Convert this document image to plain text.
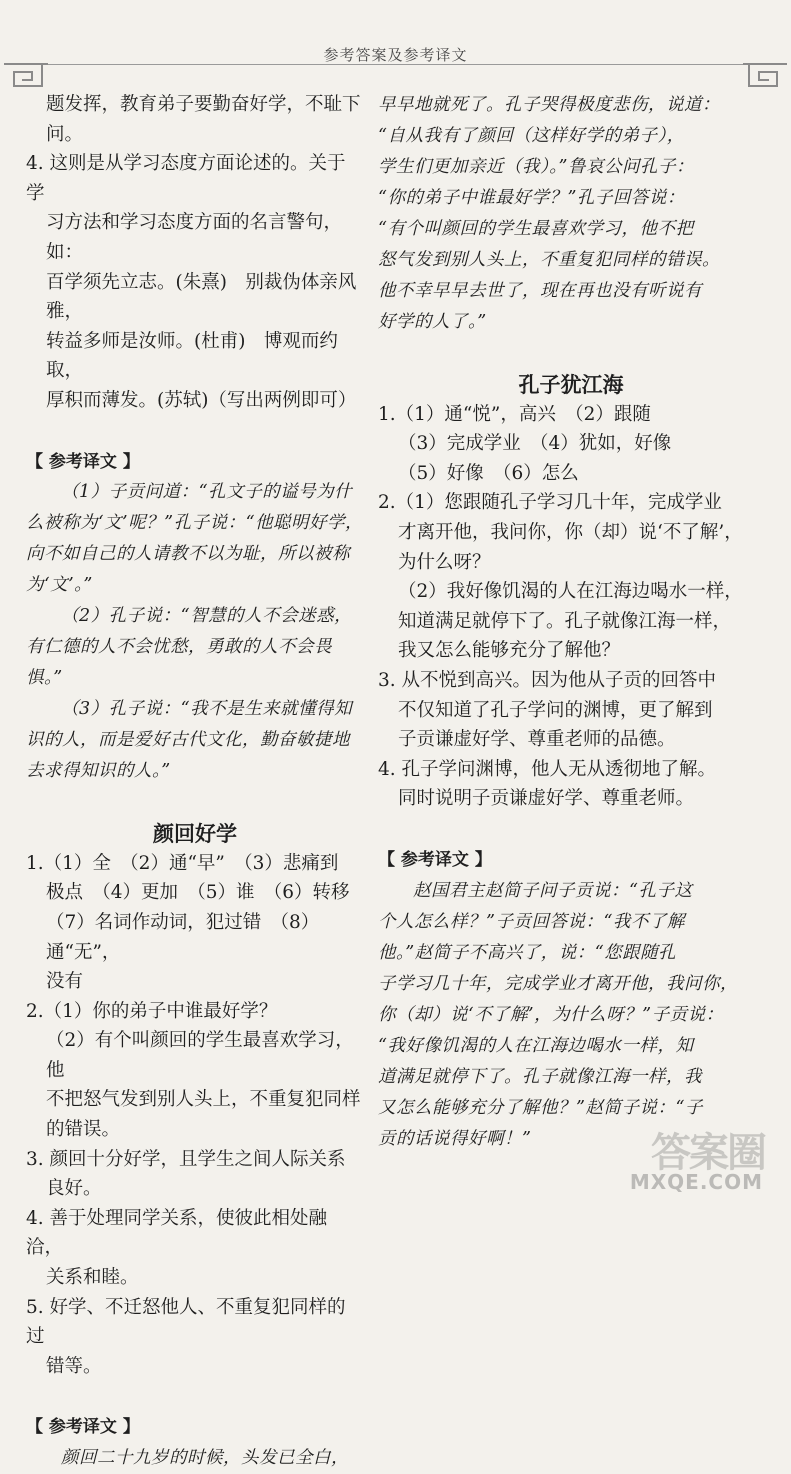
参考答案及参考译文

题发挥，教育弟子要勤奋好学，不耻下问。

4. 这则是从学习态度方面论述的。关于学

习方法和学习态度方面的名言警句，如：

百学须先立志。(朱熹)　别裁伪体亲风雅，

转益多师是汝师。(杜甫)　博观而约取，

厚积而薄发。(苏轼)（写出两例即可）

【 参考译文 】

（1）子贡问道：“孔文子的谥号为什

么被称为‘文’呢？”孔子说：“他聪明好学，

向不如自己的人请教不以为耻，所以被称

为‘文’。”

（2）孔子说：“智慧的人不会迷惑，

有仁德的人不会忧愁，勇敢的人不会畏惧。”

（3）孔子说：“我不是生来就懂得知

识的人，而是爱好古代文化，勤奋敏捷地

去求得知识的人。”

颜回好学

1.（1）全　（2）通“早”　（3）悲痛到

极点　（4）更加　（5）谁　（6）转移

（7）名词作动词，犯过错　（8）通“无”，

没有

2.（1）你的弟子中谁最好学？

（2）有个叫颜回的学生最喜欢学习，他

不把怒气发到别人头上，不重复犯同样

的错误。

3. 颜回十分好学，且学生之间人际关系

良好。

4. 善于处理同学关系，使彼此相处融洽，

关系和睦。

5. 好学、不迁怒他人、不重复犯同样的过

错等。

【 参考译文 】

颜回二十九岁的时候，头发已全白，

早早地就死了。孔子哭得极度悲伤，说道：

“自从我有了颜回（这样好学的弟子），

学生们更加亲近（我）。”鲁哀公问孔子：

“你的弟子中谁最好学？”孔子回答说：

“有个叫颜回的学生最喜欢学习，他不把

怒气发到别人头上，不重复犯同样的错误。

他不幸早早去世了，现在再也没有听说有

好学的人了。”

孔子犹江海

1.（1）通“悦”，高兴　（2）跟随

（3）完成学业　（4）犹如，好像

（5）好像　（6）怎么

2.（1）您跟随孔子学习几十年，完成学业

才离开他，我问你，你（却）说‘不了解’，

为什么呀？

（2）我好像饥渴的人在江海边喝水一样，

知道满足就停下了。孔子就像江海一样，

我又怎么能够充分了解他？

3. 从不悦到高兴。因为他从子贡的回答中

不仅知道了孔子学问的渊博，更了解到

子贡谦虚好学、尊重老师的品德。

4. 孔子学问渊博，他人无从透彻地了解。

同时说明子贡谦虚好学、尊重老师。

【 参考译文 】

赵国君主赵简子问子贡说：“孔子这

个人怎么样？”子贡回答说：“我不了解

他。”赵简子不高兴了，说：“您跟随孔

子学习几十年，完成学业才离开他，我问你，

你（却）说‘不了解’，为什么呀？”子贡说：

“我好像饥渴的人在江海边喝水一样，知

道满足就停下了。孔子就像江海一样，我

又怎么能够充分了解他？”赵简子说：“子

贡的话说得好啊！”	答案圈
MXQE.COM
